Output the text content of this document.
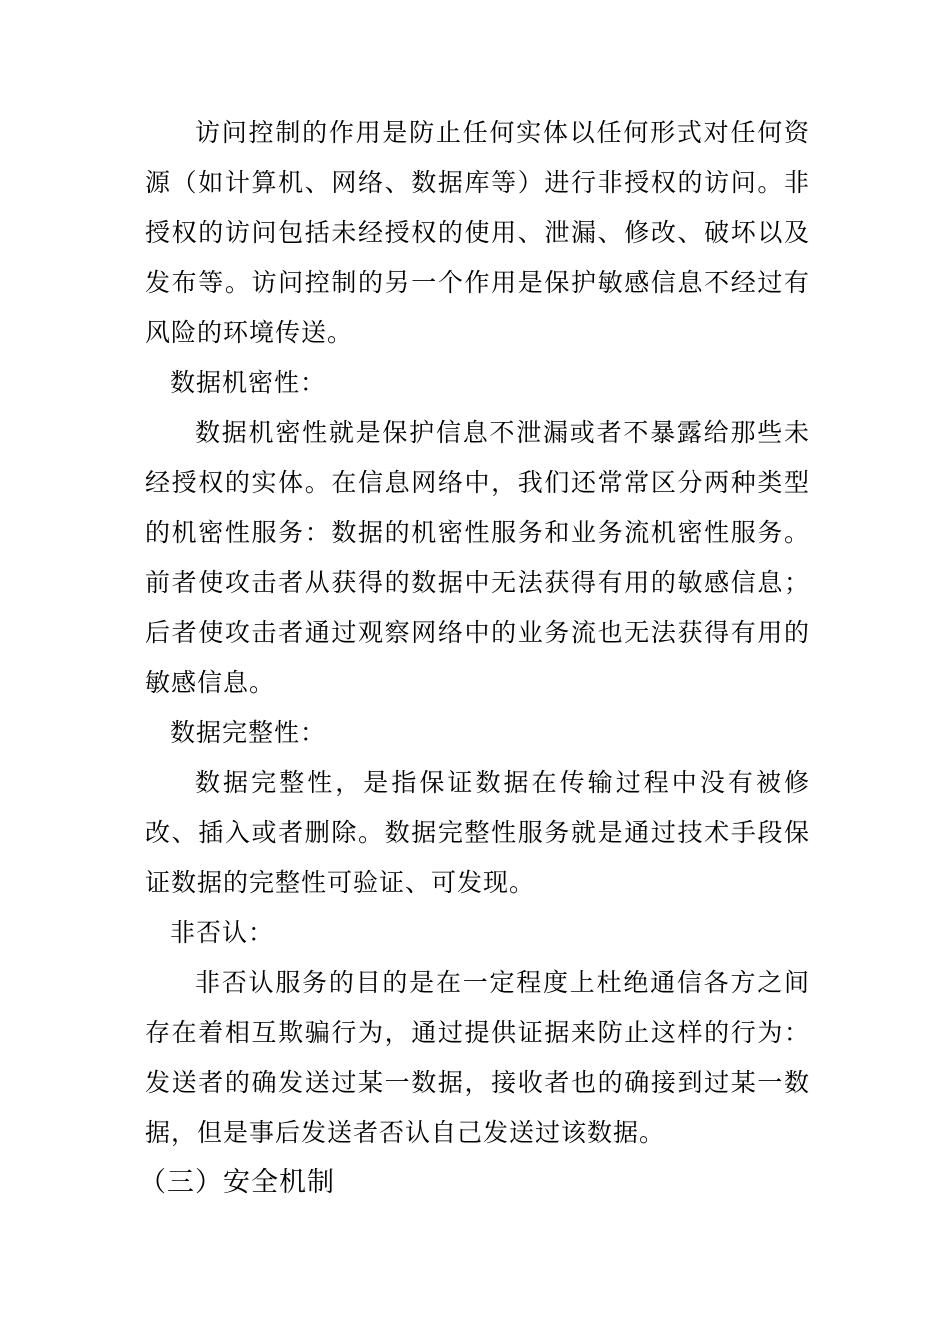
访问控制的作用是防止任何实体以任何形式对任何资源（如计算机、网络、数据库等）进行非授权的访问。非授权的访问包括未经授权的使用、泄漏、修改、破坏以及发布等。访问控制的另一个作用是保护敏感信息不经过有风险的环境传送。

数据机密性：

数据机密性就是保护信息不泄漏或者不暴露给那些未经授权的实体。在信息网络中，我们还常常区分两种类型的机密性服务：数据的机密性服务和业务流机密性服务。前者使攻击者从获得的数据中无法获得有用的敏感信息；后者使攻击者通过观察网络中的业务流也无法获得有用的敏感信息。

数据完整性：

数据完整性，是指保证数据在传输过程中没有被修改、插入或者删除。数据完整性服务就是通过技术手段保证数据的完整性可验证、可发现。

非否认：

非否认服务的目的是在一定程度上杜绝通信各方之间存在着相互欺骗行为，通过提供证据来防止这样的行为：发送者的确发送过某一数据，接收者也的确接到过某一数据，但是事后发送者否认自己发送过该数据。

（三）安全机制
